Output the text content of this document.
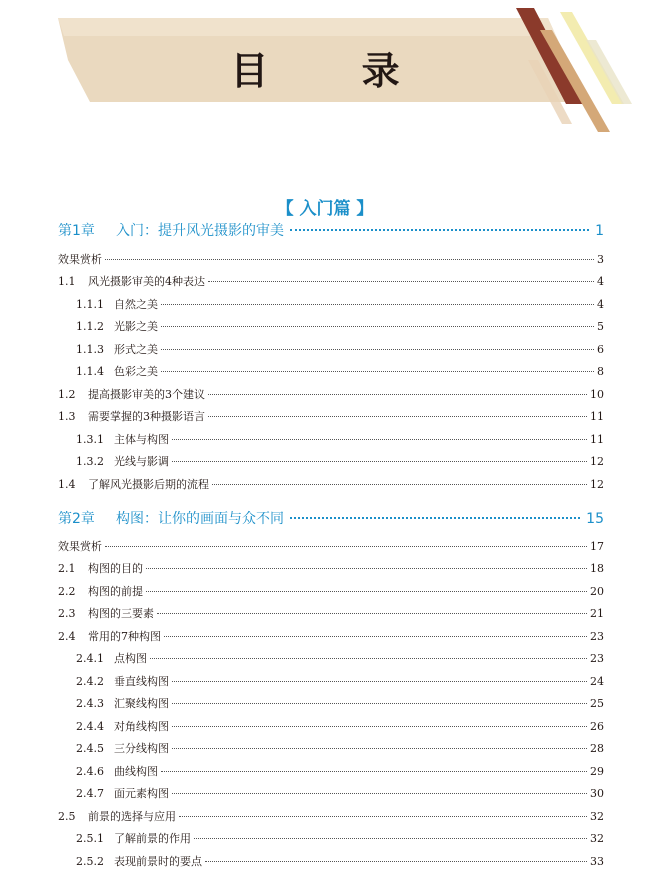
目 录
【 入门篇 】
第1章	入门：提升风光摄影的审美	1
效果赏析	3
1.1	风光摄影审美的4种表达	4
1.1.1 自然之美	4
1.1.2 光影之美	5
1.1.3 形式之美	6
1.1.4 色彩之美	8
1.2	提高摄影审美的3个建议	10
1.3	需要掌握的3种摄影语言	11
1.3.1 主体与构图	11
1.3.2 光线与影调	12
1.4	了解风光摄影后期的流程	12
第2章	构图：让你的画面与众不同	15
效果赏析	17
2.1	构图的目的	18
2.2	构图的前提	20
2.3	构图的三要素	21
2.4	常用的7种构图	23
2.4.1 点构图	23
2.4.2 垂直线构图	24
2.4.3 汇聚线构图	25
2.4.4 对角线构图	26
2.4.5 三分线构图	28
2.4.6 曲线构图	29
2.4.7 面元素构图	30
2.5	前景的选择与应用	32
2.5.1 了解前景的作用	32
2.5.2 表现前景时的要点	33
